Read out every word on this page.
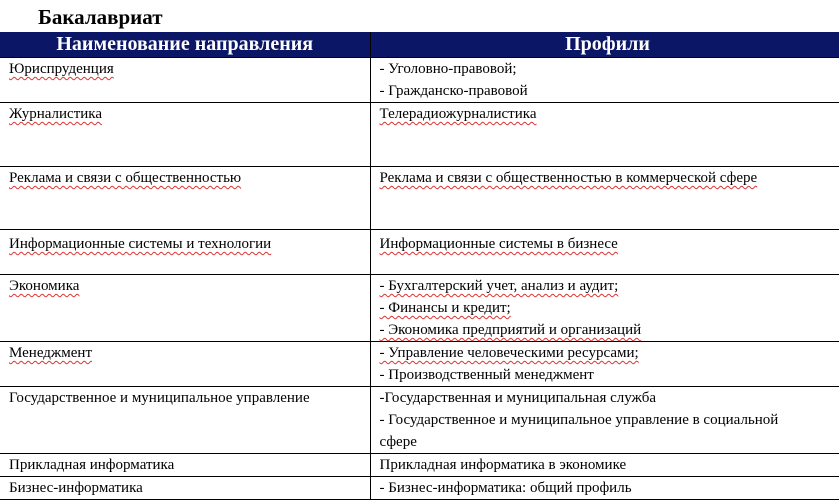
Бакалавриат
Наименование направления	Профили
Юриспруденция	- Уголовно-правовой;
- Гражданско-правовой

Журналистика	Телерадиожурналистика
Реклама и связи с общественностью	Реклама и связи с общественностью в коммерческой сфере
Информационные системы и технологии	Информационные системы в бизнесе
Экономика	- Бухгалтерский учет, анализ и аудит;
- Финансы и кредит;
- Экономика предприятий и организаций

Менеджмент	- Управление человеческими ресурсами;
- Производственный менеджмент

Государственное и муниципальное управление	-Государственная и муниципальная служба
- Государственное и муниципальное управление в социальной сфере

Прикладная информатика	Прикладная информатика в экономике
Бизнес-информатика	- Бизнес-информатика: общий профиль
